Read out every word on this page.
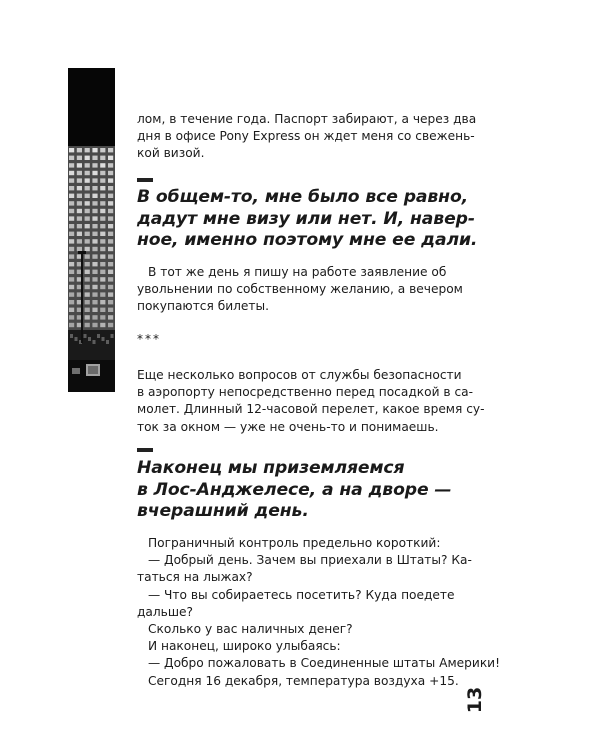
лом, в течение года. Паспорт забирают, а через два
дня в офисе Pony Express он ждет меня со свежень-
кой визой.
В общем-то, мне было все равно,
дадут мне визу или нет. И, навер-
ное, именно поэтому мне ее дали.
В тот же день я пишу на работе заявление об
увольнении по собственному желанию, а вечером
покупаются билеты.
***
Еще несколько вопросов от службы безопасности
в аэропорту непосредственно перед посадкой в са-
молет. Длинный 12-часовой перелет, какое время су-
ток за окном — уже не очень-то и понимаешь.
Наконец мы приземляемся
в Лос-Анджелесе, а на дворе —
вчерашний день.
Пограничный контроль предельно короткий:
— Добрый день. Зачем вы приехали в Штаты? Ка-
таться на лыжах?
— Что вы собираетесь посетить? Куда поедете
дальше?
Сколько у вас наличных денег?
И наконец, широко улыбаясь:
— Добро пожаловать в Соединенные штаты Америки!
Сегодня 16 декабря, температура воздуха +15.
13
